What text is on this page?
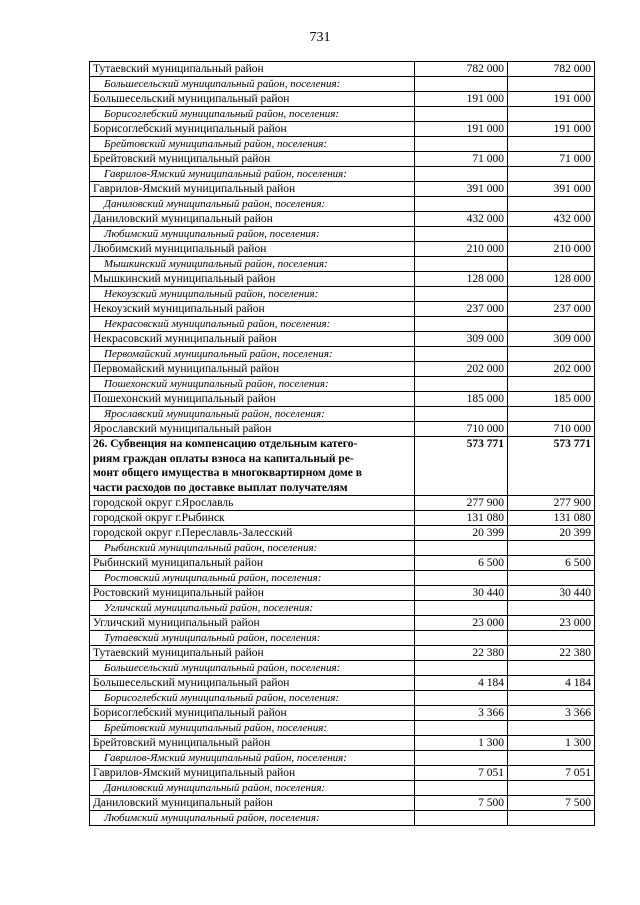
731
Тутаевский муниципальный район	782 000	782 000
Большесельский муниципальный район, поселения:		
Большесельский муниципальный район	191 000	191 000
Борисоглебский муниципальный район, поселения:		
Борисоглебский муниципальный район	191 000	191 000
Брейтовский муниципальный район, поселения:		
Брейтовский муниципальный район	71 000	71 000
Гаврилов-Ямский муниципальный район, поселения:		
Гаврилов-Ямский муниципальный район	391 000	391 000
Даниловский муниципальный район, поселения:		
Даниловский муниципальный район	432 000	432 000
Любимский муниципальный район, поселения:		
Любимский муниципальный район	210 000	210 000
Мышкинский муниципальный район, поселения:		
Мышкинский муниципальный район	128 000	128 000
Некоузский муниципальный район, поселения:		
Некоузский муниципальный район	237 000	237 000
Некрасовский муниципальный район, поселения:		
Некрасовский муниципальный район	309 000	309 000
Первомайский муниципальный район, поселения:		
Первомайский муниципальный район	202 000	202 000
Пошехонский муниципальный район, поселения:		
Пошехонский муниципальный район	185 000	185 000
Ярославский муниципальный район, поселения:		
Ярославский муниципальный район	710 000	710 000

26. Субвенция на компенсацию отдельным катего-
риям граждан оплаты взноса на капитальный ре-
монт общего имущества в многоквартирном доме в
части расходов по доставке выплат получателям	573 771	573 771
городской округ г.Ярославль	277 900	277 900
городской округ г.Рыбинск	131 080	131 080
городской округ г.Переславль-Залесский	20 399	20 399
Рыбинский муниципальный район, поселения:		
Рыбинский муниципальный район	6 500	6 500
Ростовский муниципальный район, поселения:		
Ростовский муниципальный район	30 440	30 440
Угличский муниципальный район, поселения:		
Угличский муниципальный район	23 000	23 000
Тутаевский муниципальный район, поселения:		
Тутаевский муниципальный район	22 380	22 380
Большесельский муниципальный район, поселения:		
Большесельский муниципальный район	4 184	4 184
Борисоглебский муниципальный район, поселения:		
Борисоглебский муниципальный район	3 366	3 366
Брейтовский муниципальный район, поселения:		
Брейтовский муниципальный район	1 300	1 300
Гаврилов-Ямский муниципальный район, поселения:		
Гаврилов-Ямский муниципальный район	7 051	7 051
Даниловский муниципальный район, поселения:		
Даниловский муниципальный район	7 500	7 500
Любимский муниципальный район, поселения:		
